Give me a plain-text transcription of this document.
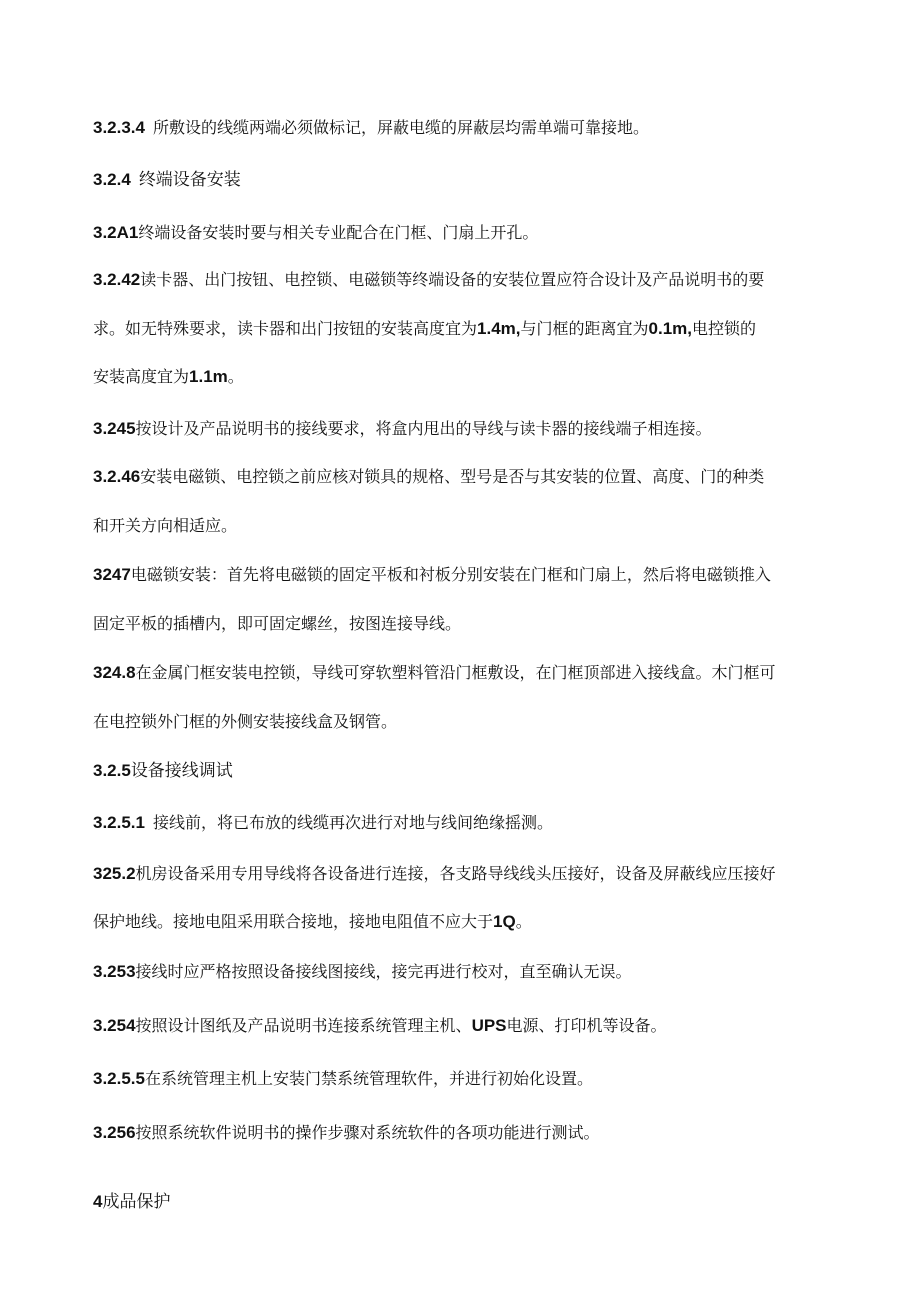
3.2.3.4 所敷设的线缆两端必须做标记，屏蔽电缆的屏蔽层均需单端可靠接地。
3.2.4 终端设备安装
3.2A1终端设备安装时要与相关专业配合在门框、门扇上开孔。
3.2.42读卡器、出门按钮、电控锁、电磁锁等终端设备的安装位置应符合设计及产品说明书的要
求。如无特殊要求，读卡器和出门按钮的安装高度宜为1.4m,与门框的距离宜为0.1m,电控锁的
安装高度宜为1.1m。
3.245按设计及产品说明书的接线要求，将盒内甩出的导线与读卡器的接线端子相连接。
3.2.46安装电磁锁、电控锁之前应核对锁具的规格、型号是否与其安装的位置、高度、门的种类
和开关方向相适应。
3247电磁锁安装：首先将电磁锁的固定平板和衬板分别安装在门框和门扇上，然后将电磁锁推入
固定平板的插槽内，即可固定螺丝，按图连接导线。
324.8在金属门框安装电控锁，导线可穿软塑料管沿门框敷设，在门框顶部进入接线盒。木门框可
在电控锁外门框的外侧安装接线盒及钢管。
3.2.5设备接线调试
3.2.5.1 接线前，将已布放的线缆再次进行对地与线间绝缘摇测。
325.2机房设备采用专用导线将各设备进行连接，各支路导线线头压接好，设备及屏蔽线应压接好
保护地线。接地电阻采用联合接地，接地电阻值不应大于1Q。
3.253接线时应严格按照设备接线图接线，接完再进行校对，直至确认无误。
3.254按照设计图纸及产品说明书连接系统管理主机、UPS电源、打印机等设备。
3.2.5.5在系统管理主机上安装门禁系统管理软件，并进行初始化设置。
3.256按照系统软件说明书的操作步骤对系统软件的各项功能进行测试。
4成品保护
